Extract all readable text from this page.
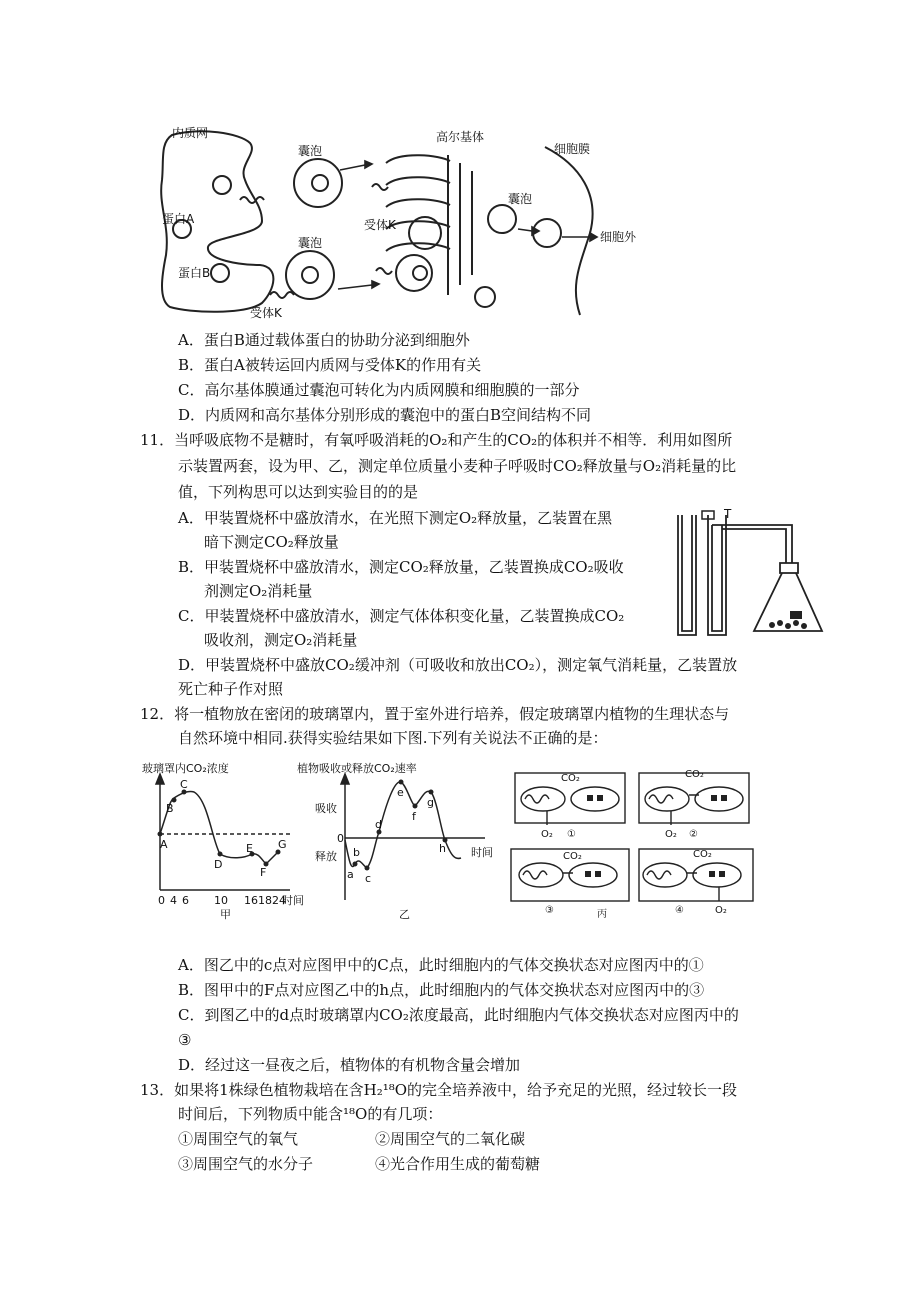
内质网
囊泡
囊泡
蛋白A
蛋白B
受体K
高尔基体
受体K
细胞膜
囊泡
细胞外
A．蛋白B通过载体蛋白的协助分泌到细胞外
B．蛋白A被转运回内质网与受体K的作用有关
C．高尔基体膜通过囊泡可转化为内质网膜和细胞膜的一部分
D．内质网和高尔基体分别形成的囊泡中的蛋白B空间结构不同
11．当呼吸底物不是糖时，有氧呼吸消耗的O₂和产生的CO₂的体积并不相等．利用如图所
示装置两套，设为甲、乙，测定单位质量小麦种子呼吸时CO₂释放量与O₂消耗量的比
值，下列构思可以达到实验目的的是
A．甲装置烧杯中盛放清水，在光照下测定O₂释放量，乙装置在黑
暗下测定CO₂释放量
B．甲装置烧杯中盛放清水，测定CO₂释放量，乙装置换成CO₂吸收
剂测定O₂消耗量
C．甲装置烧杯中盛放清水，测定气体体积变化量，乙装置换成CO₂
吸收剂，测定O₂消耗量
D．甲装置烧杯中盛放CO₂缓冲剂（可吸收和放出CO₂），测定氧气消耗量，乙装置放
死亡种子作对照
T
12．将一植物放在密闭的玻璃罩内，置于室外进行培养，假定玻璃罩内植物的生理状态与
自然环境中相同.获得实验结果如下图.下列有关说法不正确的是：
玻璃罩内CO₂浓度
0 4 6 10 16 18 24
时间
甲
A
B
C
D
E
F
G
植物吸收或释放CO₂速率
吸收
释放
0
时间
乙
a
b
c
d
e
f
g
h
CO₂
O₂ ①
CO₂
O₂ ②
CO₂
③
CO₂
④	O₂
丙
A．图乙中的c点对应图甲中的C点，此时细胞内的气体交换状态对应图丙中的①
B．图甲中的F点对应图乙中的h点，此时细胞内的气体交换状态对应图丙中的③
C．到图乙中的d点时玻璃罩内CO₂浓度最高，此时细胞内气体交换状态对应图丙中的
③
D．经过这一昼夜之后，植物体的有机物含量会增加
13．如果将1株绿色植物栽培在含H₂¹⁸O的完全培养液中，给予充足的光照，经过较长一段
时间后，下列物质中能含¹⁸O的有几项：
①周围空气的氧气	②周围空气的二氧化碳
③周围空气的水分子	④光合作用生成的葡萄糖
